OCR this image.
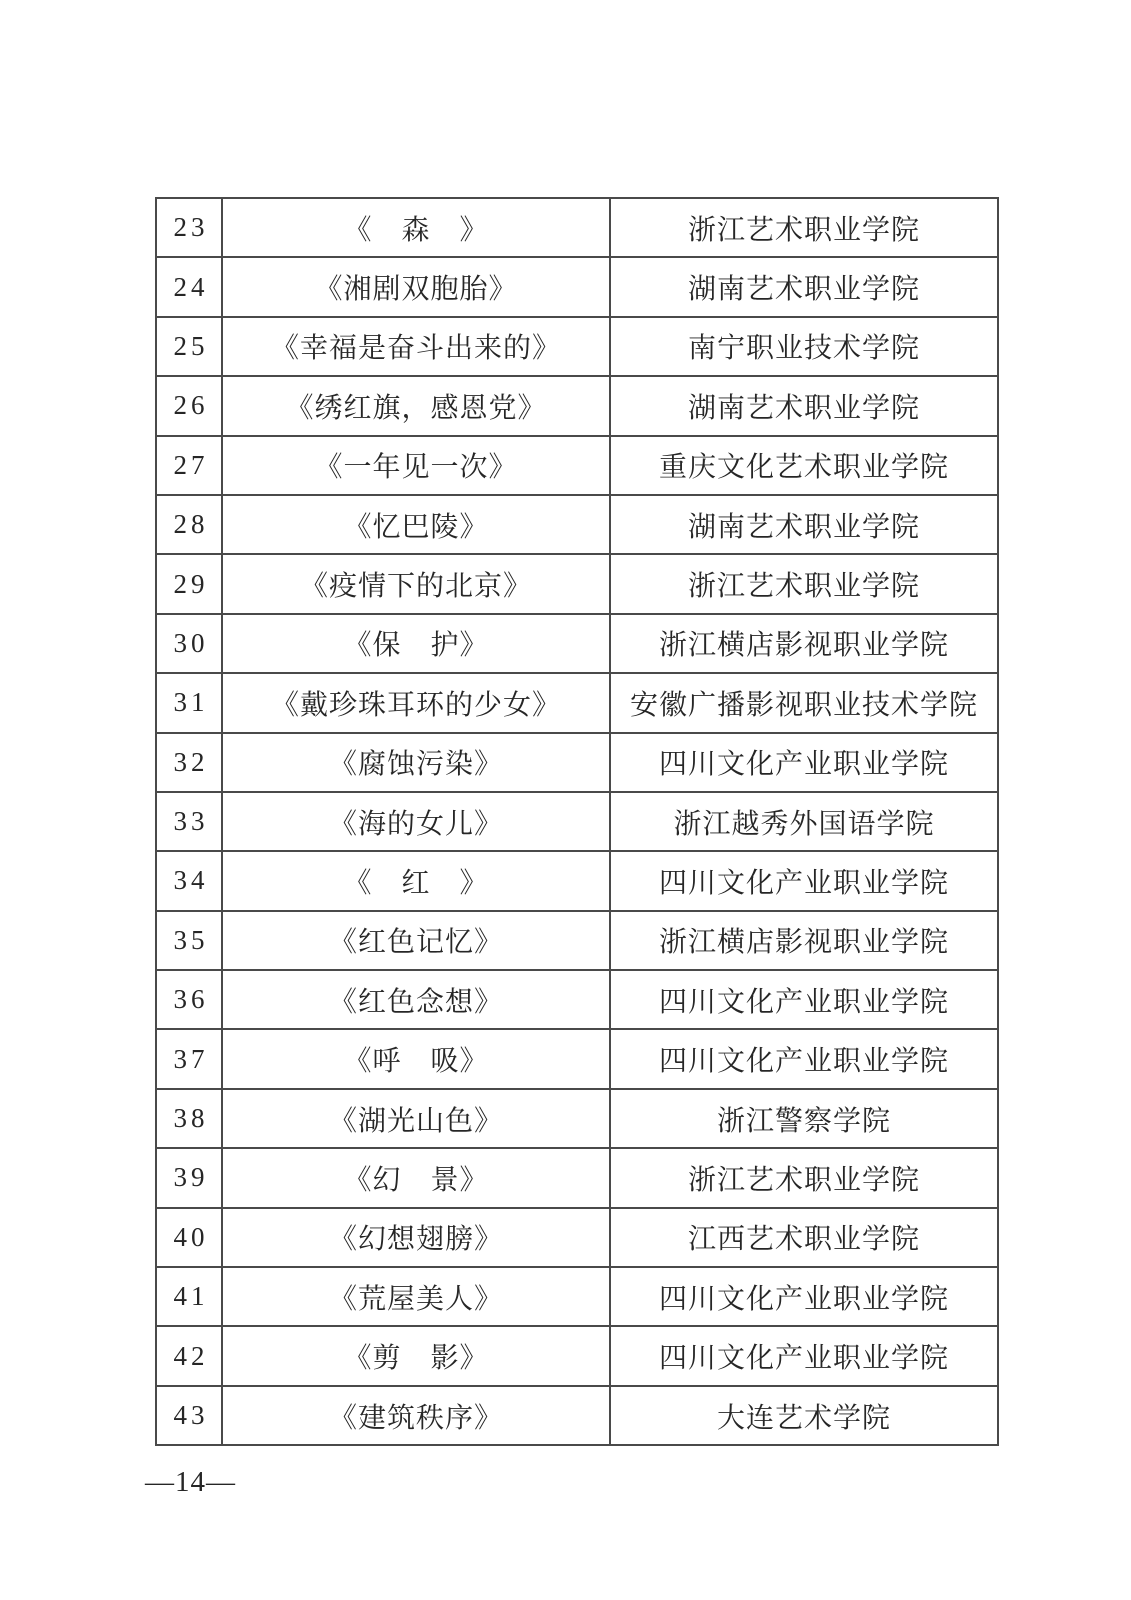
23	《　森　》	浙江艺术职业学院
24	《湘剧双胞胎》	湖南艺术职业学院
25	《幸福是奋斗出来的》	南宁职业技术学院
26	《绣红旗，感恩党》	湖南艺术职业学院
27	《一年见一次》	重庆文化艺术职业学院
28	《忆巴陵》	湖南艺术职业学院
29	《疫情下的北京》	浙江艺术职业学院
30	《保　护》	浙江横店影视职业学院
31	《戴珍珠耳环的少女》	安徽广播影视职业技术学院
32	《腐蚀污染》	四川文化产业职业学院
33	《海的女儿》	浙江越秀外国语学院
34	《　红　》	四川文化产业职业学院
35	《红色记忆》	浙江横店影视职业学院
36	《红色念想》	四川文化产业职业学院
37	《呼　吸》	四川文化产业职业学院
38	《湖光山色》	浙江警察学院
39	《幻　景》	浙江艺术职业学院
40	《幻想翅膀》	江西艺术职业学院
41	《荒屋美人》	四川文化产业职业学院
42	《剪　影》	四川文化产业职业学院
43	《建筑秩序》	大连艺术学院
—14—
